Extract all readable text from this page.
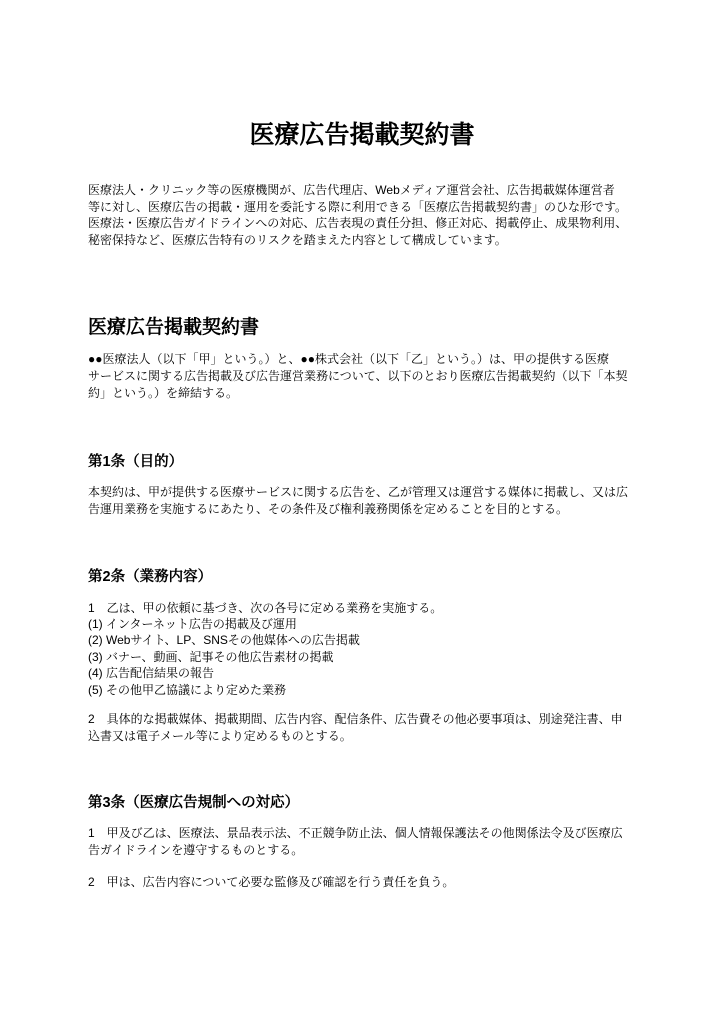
医療広告掲載契約書
医療法人・クリニック等の医療機関が、広告代理店、Webメディア運営会社、広告掲載媒体運営者
等に対し、医療広告の掲載・運用を委託する際に利用できる「医療広告掲載契約書」のひな形です。
医療法・医療広告ガイドラインへの対応、広告表現の責任分担、修正対応、掲載停止、成果物利用、
秘密保持など、医療広告特有のリスクを踏まえた内容として構成しています。
医療広告掲載契約書
●●医療法人（以下「甲」という。）と、●●株式会社（以下「乙」という。）は、甲の提供する医療
サービスに関する広告掲載及び広告運営業務について、以下のとおり医療広告掲載契約（以下「本契
約」という。）を締結する。
第1条（目的）
本契約は、甲が提供する医療サービスに関する広告を、乙が管理又は運営する媒体に掲載し、又は広
告運用業務を実施するにあたり、その条件及び権利義務関係を定めることを目的とする。
第2条（業務内容）
1　乙は、甲の依頼に基づき、次の各号に定める業務を実施する。
(1) インターネット広告の掲載及び運用
(2) Webサイト、LP、SNSその他媒体への広告掲載
(3) バナー、動画、記事その他広告素材の掲載
(4) 広告配信結果の報告
(5) その他甲乙協議により定めた業務
2　具体的な掲載媒体、掲載期間、広告内容、配信条件、広告費その他必要事項は、別途発注書、申
込書又は電子メール等により定めるものとする。
第3条（医療広告規制への対応）
1　甲及び乙は、医療法、景品表示法、不正競争防止法、個人情報保護法その他関係法令及び医療広
告ガイドラインを遵守するものとする。
2　甲は、広告内容について必要な監修及び確認を行う責任を負う。
